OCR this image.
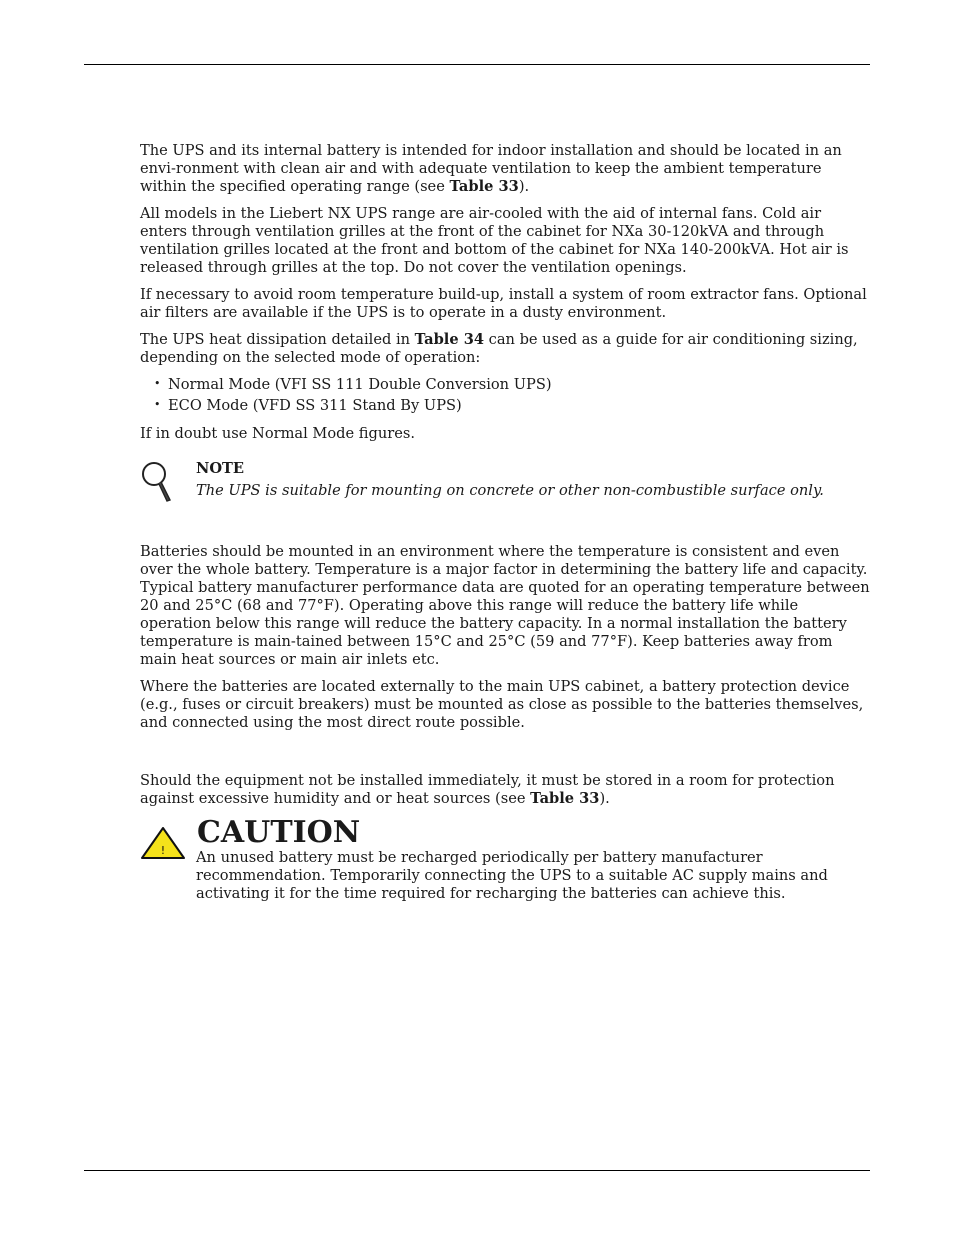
The UPS and its internal battery is intended for indoor installation and should be located in an envi-ronment with clean air and with adequate ventilation to keep the ambient temperature within the specified operating range (see Table 33).

All models in the Liebert NX UPS range are air-cooled with the aid of internal fans. Cold air enters through ventilation grilles at the front of the cabinet for NXa 30-120kVA and through ventilation grilles located at the front and bottom of the cabinet for NXa 140-200kVA. Hot air is released through grilles at the top. Do not cover the ventilation openings.

If necessary to avoid room temperature build-up, install a system of room extractor fans. Optional air filters are available if the UPS is to operate in a dusty environment.

The UPS heat dissipation detailed in Table 34 can be used as a guide for air conditioning sizing, depending on the selected mode of operation:

• Normal Mode (VFI SS 111 Double Conversion UPS)
• ECO Mode (VFD SS 311 Stand By UPS)

If in doubt use Normal Mode figures.

NOTE
The UPS is suitable for mounting on concrete or other non-combustible surface only.

Batteries should be mounted in an environment where the temperature is consistent and even over the whole battery. Temperature is a major factor in determining the battery life and capacity. Typical battery manufacturer performance data are quoted for an operating temperature between 20 and 25°C (68 and 77°F). Operating above this range will reduce the battery life while operation below this range will reduce the battery capacity. In a normal installation the battery temperature is main-tained between 15°C and 25°C (59 and 77°F). Keep batteries away from main heat sources or main air inlets etc.

Where the batteries are located externally to the main UPS cabinet, a battery protection device (e.g., fuses or circuit breakers) must be mounted as close as possible to the batteries themselves, and connected using the most direct route possible.

Should the equipment not be installed immediately, it must be stored in a room for protection against excessive humidity and or heat sources (see Table 33).

!
CAUTION
An unused battery must be recharged periodically per battery manufacturer recommendation. Temporarily connecting the UPS to a suitable AC supply mains and activating it for the time required for recharging the batteries can achieve this.
